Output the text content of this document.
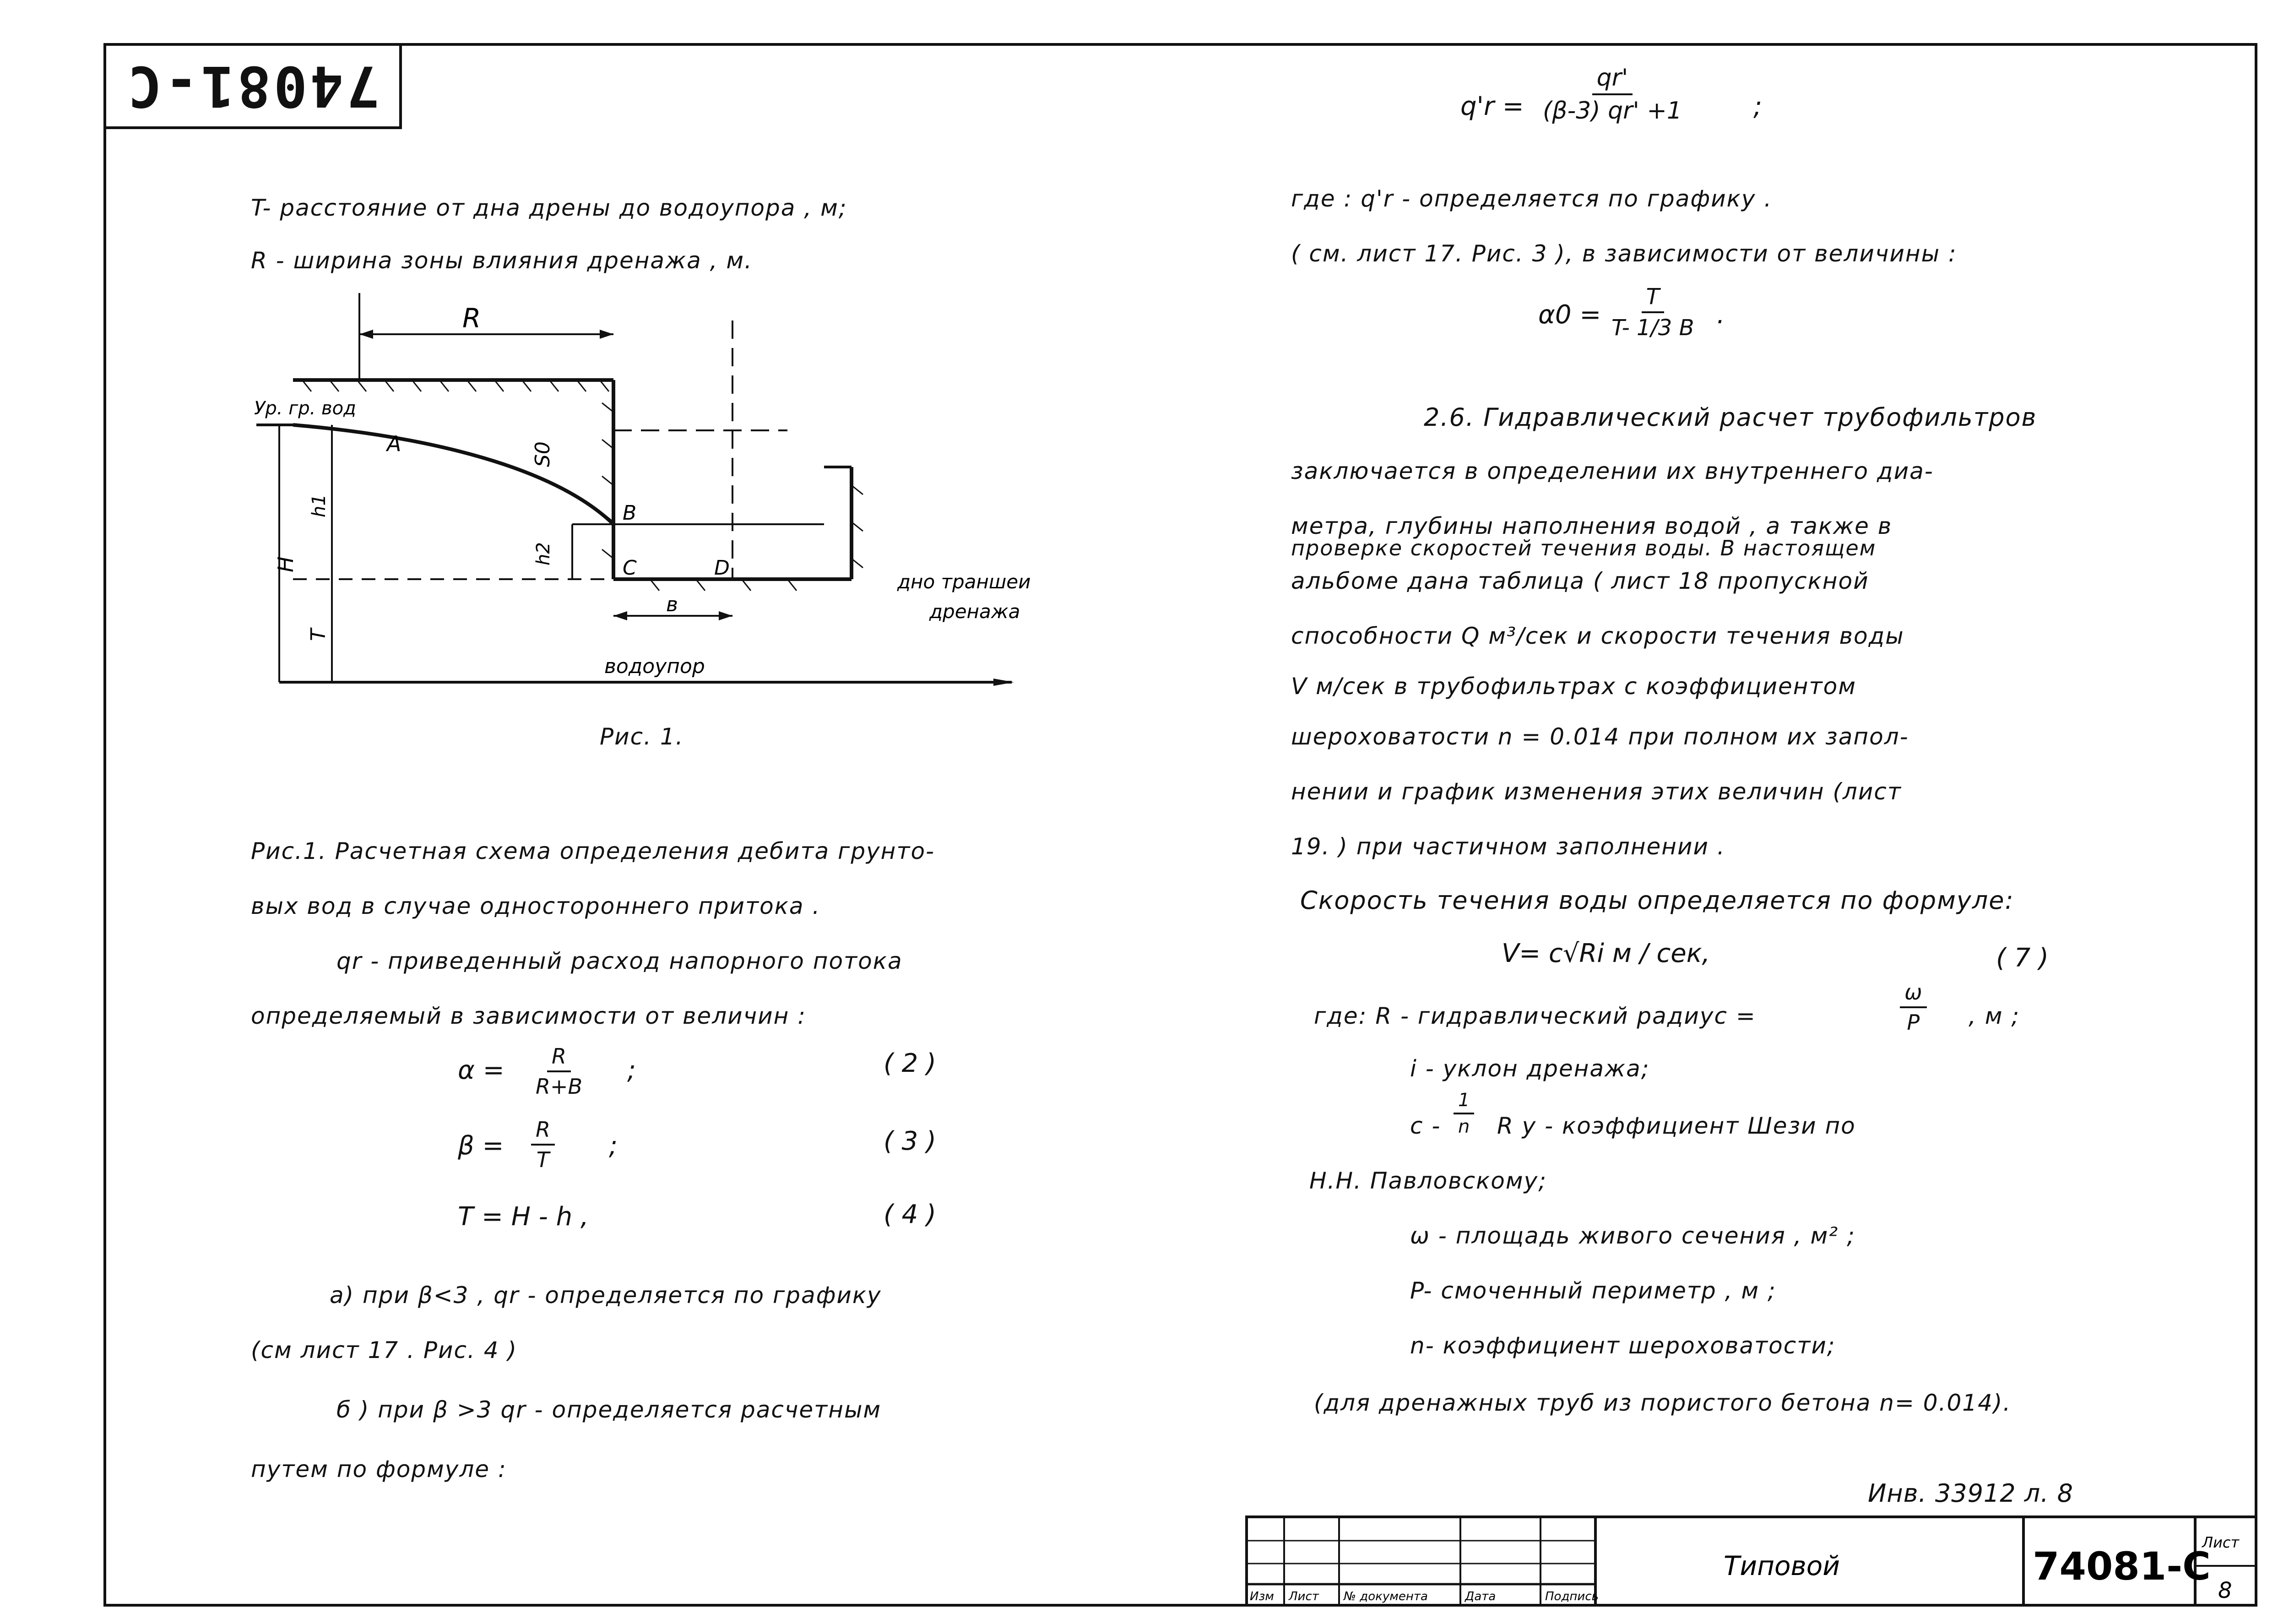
74081-C
T- расстояние от дна дрены до водоупора , м;
R - ширина зоны влияния дренажа , м.
R
Ур. гр. вод
A	S0
B
h2
C	D
в
H
h1
T
водоупор
дно траншеи
дренажа
Рис. 1.
Рис.1. Расчетная схема определения дебита грунто-
вых вод в случае одностороннего притока .
qr - приведенный расход напорного потока
определяемый в зависимости от величин :
$\alpha = \frac{R}{R+B}$ ;	( 2 )
$\beta = \frac{R}{T}$ ;	( 3 )
T = H - h ,	( 4 )
а) при β<3 , qr - определяется по графику
(см лист 17 . Рис. 4 )
б ) при β >3 qr - определяется расчетным
путем по формуле :
$q'r = \frac{qr'}{(\beta-3) qr' +1}$	;
где : q'r - определяется по графику .
( см. лист 17. Рис. 3 ), в зависимости от величины :
$\alpha 0 = \frac{T}{T- 1/3 B}$ .
2.6. Гидравлический расчет трубофильтров
заключается в определении их внутреннего диа-
метра, глубины наполнения водой , а также в
проверке скоростей течения воды. В настоящем
альбоме дана таблица ( лист 18 пропускной
способности Q м³/сек и скорости течения воды
V м/сек в трубофильтрах с коэффициентом
шероховатости n = 0.014 при полном их запол-
нении и график изменения этих величин (лист
19. ) при частичном заполнении .
Скорость течения воды определяется по формуле:
V= c√Ri м / сек,	( 7 )
где: R - гидравлический радиус =	$\frac{\omega}{P}$ , м ;
i - уклон дренажа;
c - $\frac{1}{n}$ R y - коэффициент Шези по
Н.Н. Павловскому;
ω - площадь живого сечения , м² ;
P- смоченный периметр , м ;
n- коэффициент шероховатости;
(для дренажных труб из пористого бетона n= 0.014).
Инв. 33912 л. 8
Изм Лист № документа	Подпись
Дата
Типовой	74081-C
Лист
8
